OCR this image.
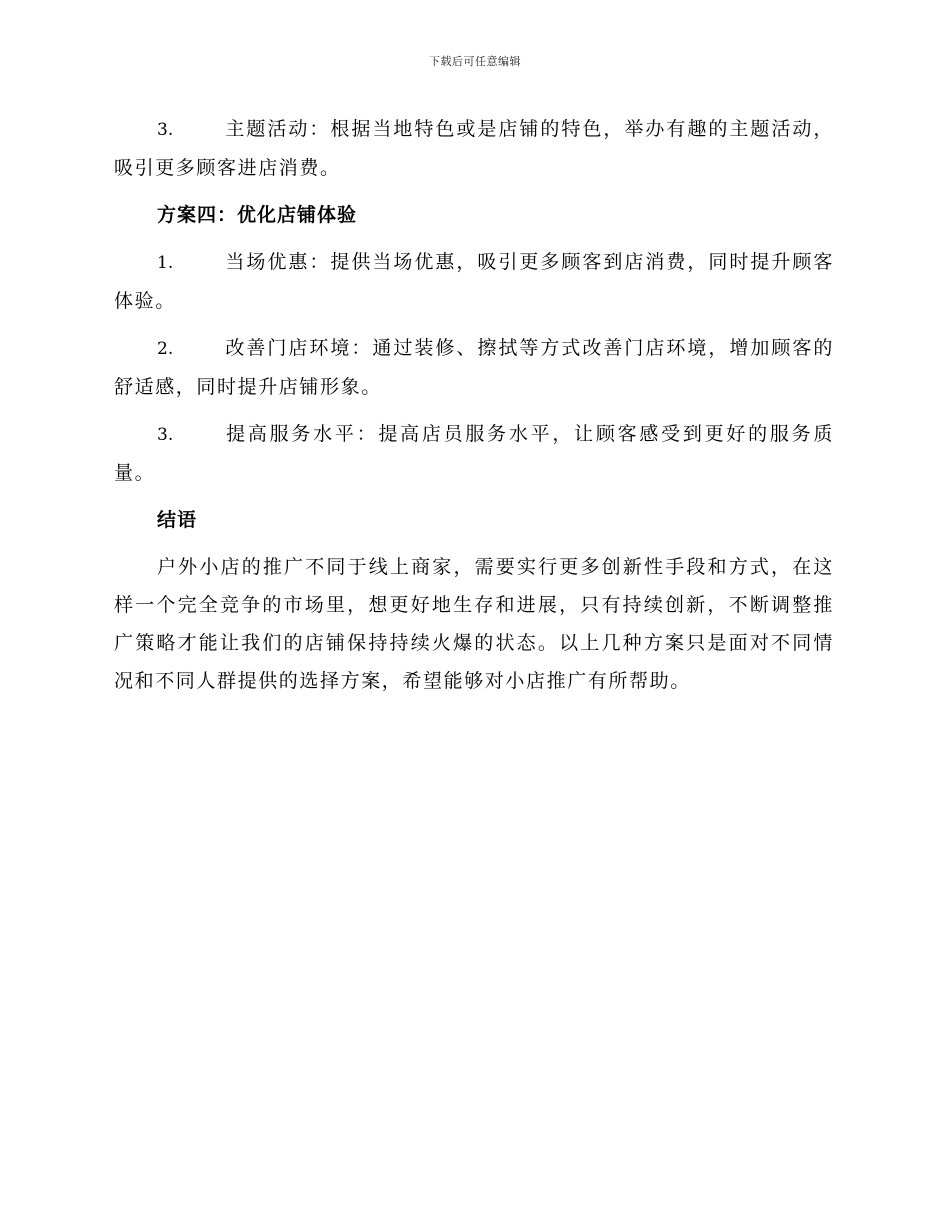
下载后可任意编辑
3.	主题活动：根据当地特色或是店铺的特色，举办有趣的主题活动，吸引更多顾客进店消费。
方案四：优化店铺体验
1.	当场优惠：提供当场优惠，吸引更多顾客到店消费，同时提升顾客体验。
2.	改善门店环境：通过装修、擦拭等方式改善门店环境，增加顾客的舒适感，同时提升店铺形象。
3.	提高服务水平：提高店员服务水平，让顾客感受到更好的服务质量。
结语
户外小店的推广不同于线上商家，需要实行更多创新性手段和方式，在这样一个完全竞争的市场里，想更好地生存和进展，只有持续创新，不断调整推广策略才能让我们的店铺保持持续火爆的状态。以上几种方案只是面对不同情况和不同人群提供的选择方案，希望能够对小店推广有所帮助。
